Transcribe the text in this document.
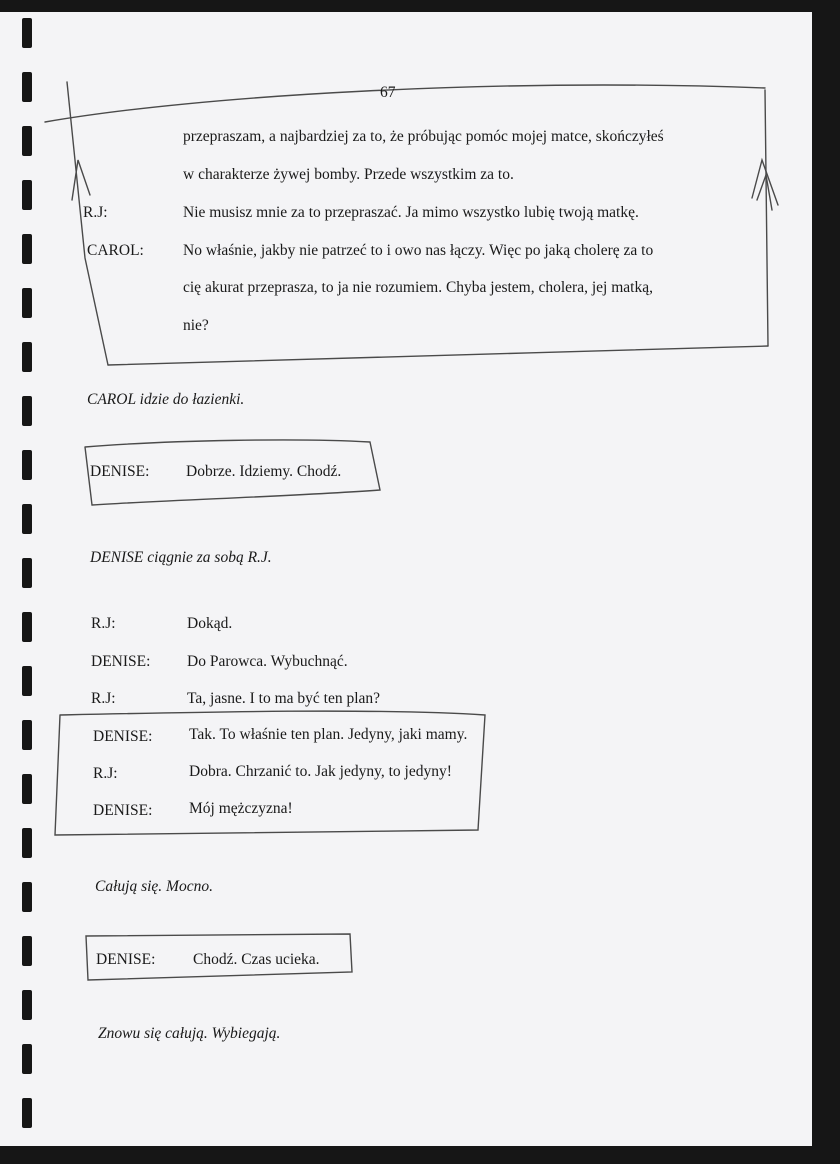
67
przepraszam, a najbardziej za to, że próbując pomóc mojej matce, skończyłeś
w charakterze żywej bomby. Przede wszystkim za to.
R.J:	Nie musisz mnie za to przepraszać. Ja mimo wszystko lubię twoją matkę.
CAROL:	No właśnie, jakby nie patrzeć to i owo nas łączy. Więc po jaką cholerę za to
cię akurat przeprasza, to ja nie rozumiem. Chyba jestem, cholera, jej matką,
nie?
CAROL idzie do łazienki.
DENISE: Dobrze. Idziemy. Chodź.
DENISE ciągnie za sobą R.J.
R.J:	Dokąd.
DENISE: Do Parowca. Wybuchnąć.
R.J:	Ta, jasne. I to ma być ten plan?
DENISE: Tak. To właśnie ten plan. Jedyny, jaki mamy.
R.J:	Dobra. Chrzanić to. Jak jedyny, to jedyny!
DENISE: Mój mężczyzna!
Całują się. Mocno.
DENISE: Chodź. Czas ucieka.
Znowu się całują. Wybiegają.
